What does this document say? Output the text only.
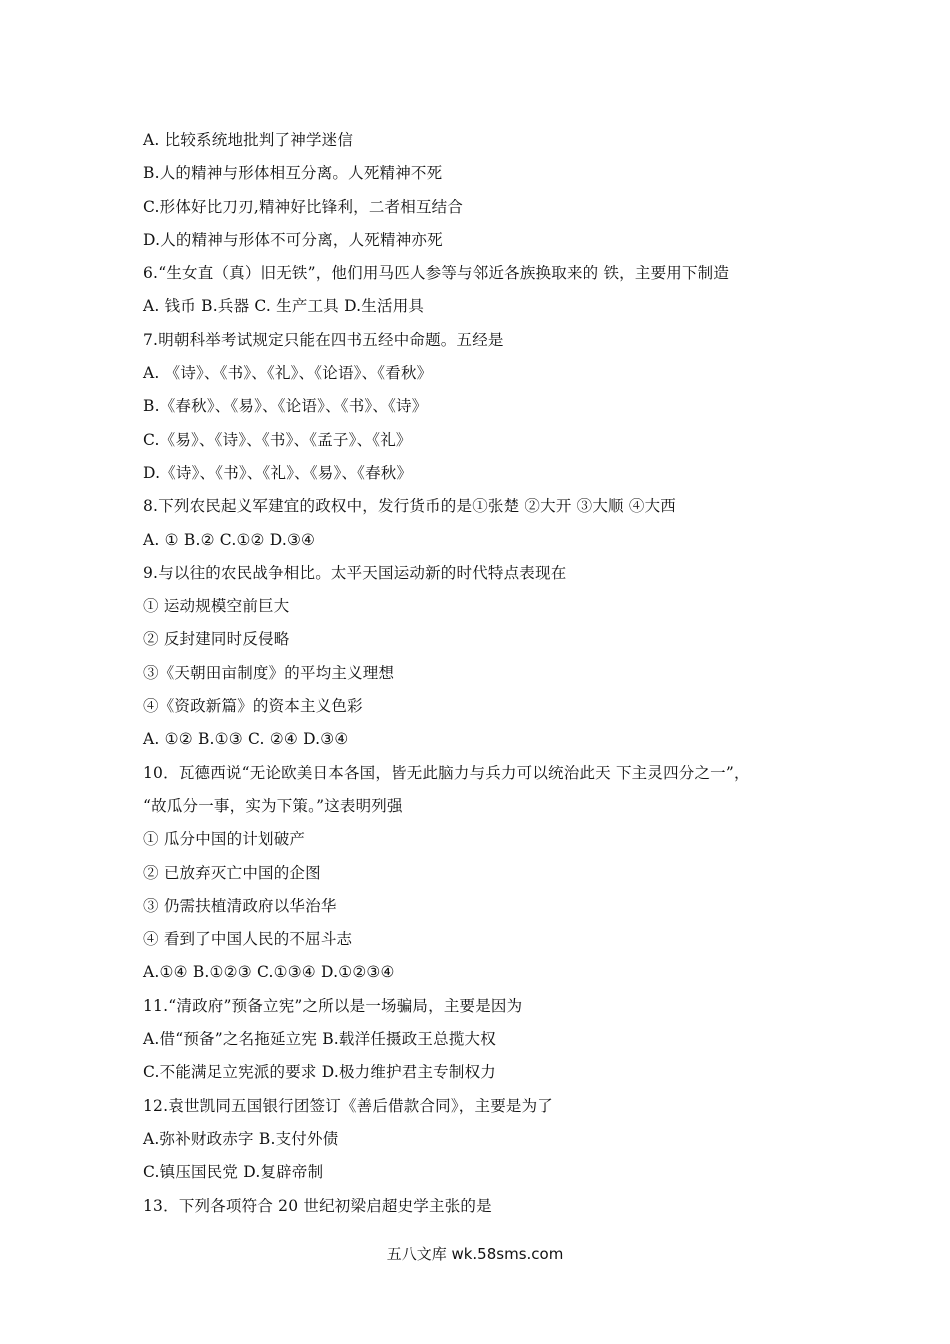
A. 比较系统地批判了神学迷信
B.人的精神与形体相互分离。人死精神不死
C.形体好比刀刃,精神好比锋利，二者相互结合
D.人的精神与形体不可分离，人死精神亦死
6.“生女直（真）旧无铁”，他们用马匹人参等与邻近各族换取来的 铁，主要用下制造
A. 钱币 B.兵器 C. 生产工具 D.生活用具
7.明朝科举考试规定只能在四书五经中命题。五经是
A. 《诗》、《书》、《礼》、《论语》、《看秋》
B.《春秋》、《易》、《论语》、《书》、《诗》
C.《易》、《诗》、《书》、《孟子》、《礼》
D.《诗》、《书》、《礼》、《易》、《春秋》
8.下列农民起义军建宜的政权中，发行货币的是①张楚 ②大开 ③大顺 ④大西
A. ① B.② C.①② D.③④
9.与以往的农民战争相比。太平天国运动新的时代特点表现在
① 运动规模空前巨大
② 反封建同时反侵略
③《天朝田亩制度》的平均主义理想
④《资政新篇》的资本主义色彩
A. ①② B.①③ C. ②④ D.③④
10．瓦德西说“无论欧美日本各国，皆无此脑力与兵力可以统治此天 下主灵四分之一”，
“故瓜分一事，实为下策。”这表明列强
① 瓜分中国的计划破产
② 已放弃灭亡中国的企图
③ 仍需扶植清政府以华治华
④ 看到了中国人民的不屈斗志
A.①④ B.①②③ C.①③④ D.①②③④
11.“清政府”预备立宪”之所以是一场骗局，主要是因为
A.借“预备”之名拖延立宪 B.载洋任摄政王总揽大权
C.不能满足立宪派的要求 D.极力维护君主专制权力
12.袁世凯同五国银行团签订《善后借款合同》，主要是为了
A.弥补财政赤字 B.支付外债
C.镇压国民党 D.复辟帝制
13．下列各项符合 20 世纪初梁启超史学主张的是
五八文库 wk.58sms.com
